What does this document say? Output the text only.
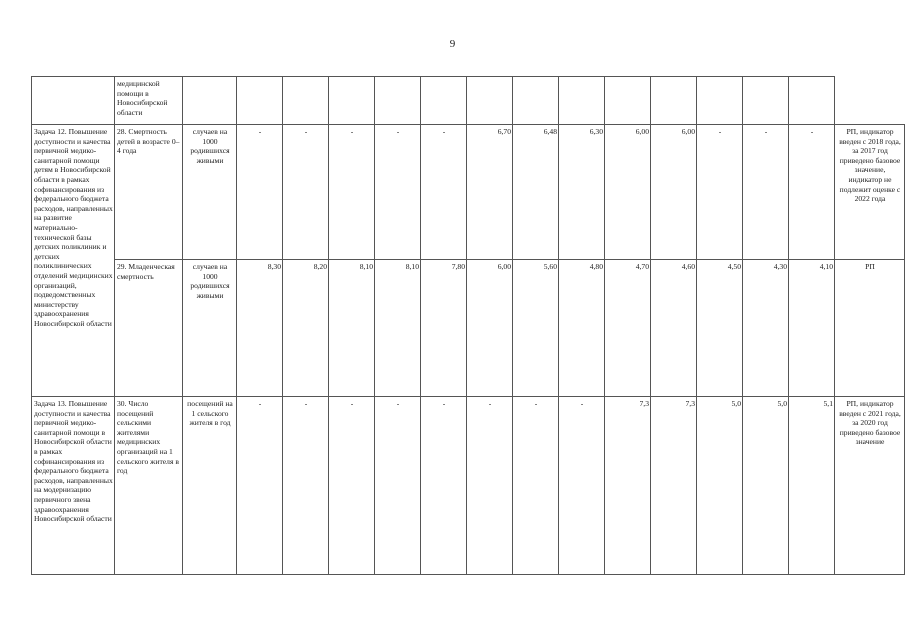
9
	медицинской помощи в Новосибирской области															
Задача 12. Повышение доступности и качества первичной медико-санитарной помощи детям в Новосибирской области в рамках софинансирования из федерального бюджета расходов, направленных на развитие материально-технической базы детских поликлиник и детских поликлинических отделений медицинских организаций, подведомственных министерству здравоохранения Новосибирской области	28. Смертность детей в возрасте 0–4 года	случаев на 1000 родившихся живыми	-	-	-	-	-	6,70	6,48	6,30	6,00	6,00	-	-	-	РП, индикатор введен с 2018 года, за 2017 год приведено базовое значение, индикатор не подлежит оценке с 2022 года
	29. Младенческая смертность	случаев на 1000 родившихся живыми	8,30	8,20	8,10	8,10	7,80	6,00	5,60	4,80	4,70	4,60	4,50	4,30	4,10	РП
Задача 13. Повышение доступности и качества первичной медико-санитарной помощи в Новосибирской области в рамках софинансирования из федерального бюджета расходов, направленных на модернизацию первичного звена здравоохранения Новосибирской области	30. Число посещений сельскими жителями медицинских организаций на 1 сельского жителя в год	посещений на 1 сельского жителя в год	-	-	-	-	-	-	-	-	7,3	7,3	5,0	5,0	5,1	РП, индикатор введен с 2021 года, за 2020 год приведено базовое значение
